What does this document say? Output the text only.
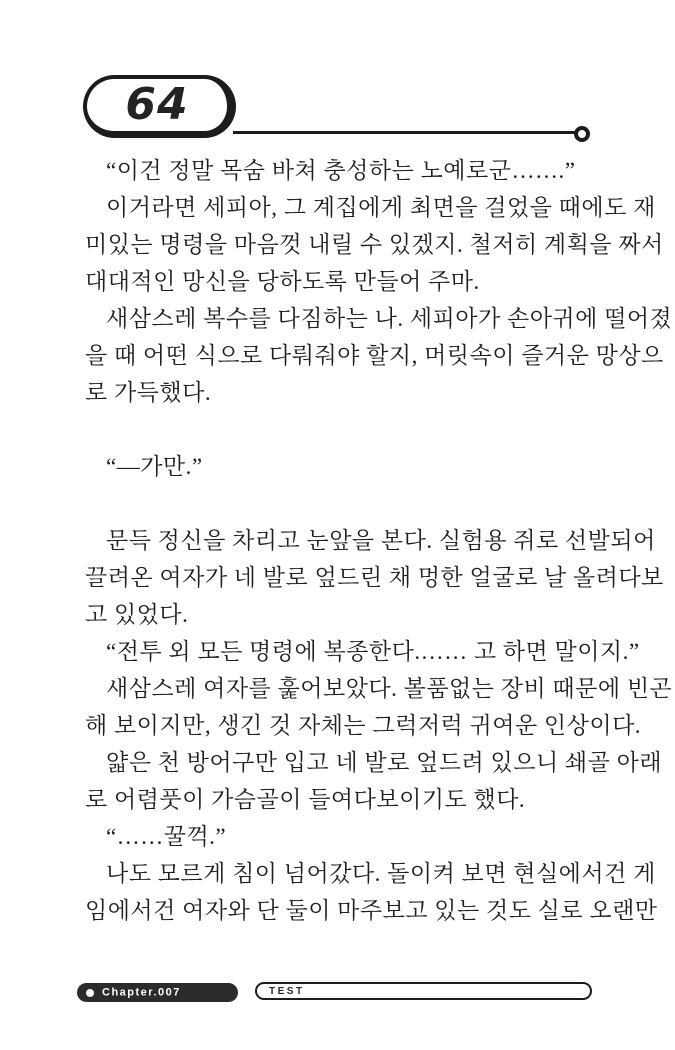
64
“이건 정말 목숨 바쳐 충성하는 노예로군…….”
이거라면 세피아, 그 계집에게 최면을 걸었을 때에도 재
미있는 명령을 마음껏 내릴 수 있겠지. 철저히 계획을 짜서
대대적인 망신을 당하도록 만들어 주마.
새삼스레 복수를 다짐하는 나. 세피아가 손아귀에 떨어졌
을 때 어떤 식으로 다뤄줘야 할지, 머릿속이 즐거운 망상으
로 가득했다.
“—가만.”
문득 정신을 차리고 눈앞을 본다. 실험용 쥐로 선발되어
끌려온 여자가 네 발로 엎드린 채 멍한 얼굴로 날 올려다보
고 있었다.
“전투 외 모든 명령에 복종한다.…… 고 하면 말이지.”
새삼스레 여자를 훑어보았다. 볼품없는 장비 때문에 빈곤
해 보이지만, 생긴 것 자체는 그럭저럭 귀여운 인상이다.
얇은 천 방어구만 입고 네 발로 엎드려 있으니 쇄골 아래
로 어렴풋이 가슴골이 들여다보이기도 했다.
“……꿀꺽.”
나도 모르게 침이 넘어갔다. 돌이켜 보면 현실에서건 게
임에서건 여자와 단 둘이 마주보고 있는 것도 실로 오랜만
Chapter.007	TEST
